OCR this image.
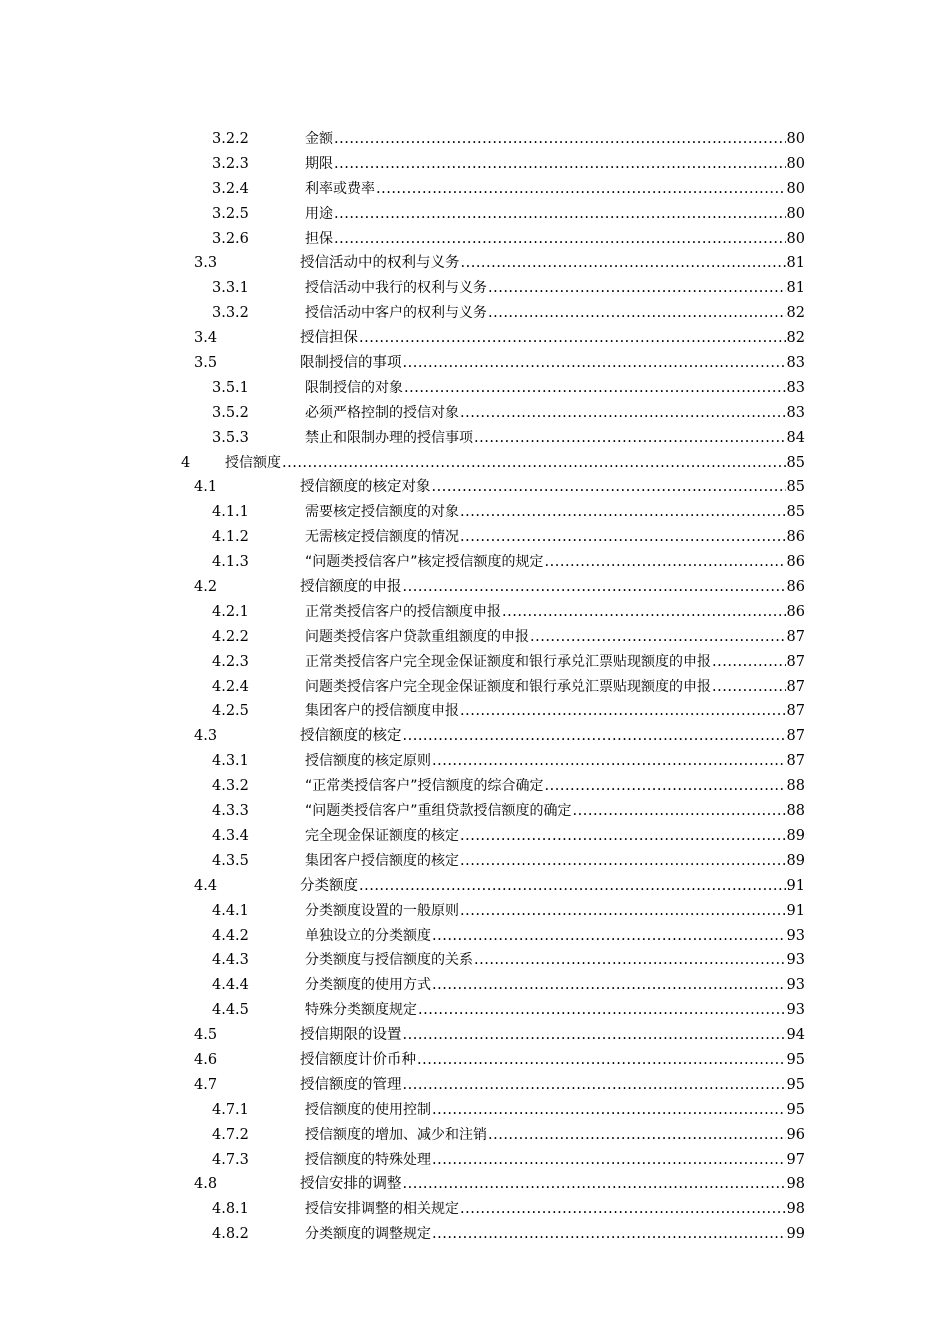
3.2.2	金额 .....	80
3.2.3	期限 .....	80
3.2.4	利率或费率 .....	80
3.2.5	用途 .....	80
3.2.6	担保 .....	80
3.3	授信活动中的权利与义务 .....	81
3.3.1	授信活动中我行的权利与义务 .....	81
3.3.2	授信活动中客户的权利与义务 .....	82
3.4	授信担保 .....	82
3.5	限制授信的事项 .....	83
3.5.1	限制授信的对象 .....	83
3.5.2	必须严格控制的授信对象 .....	83
3.5.3	禁止和限制办理的授信事项 .....	84
4 授信额度 .....	85
4.1	授信额度的核定对象 .....	85
4.1.1	需要核定授信额度的对象 .....	85
4.1.2	无需核定授信额度的情况 .....	86
4.1.3	“问题类授信客户”核定授信额度的规定 .....	86
4.2	授信额度的申报 .....	86
4.2.1	正常类授信客户的授信额度申报 .....	86
4.2.2	问题类授信客户贷款重组额度的申报 .....	87
4.2.3	正常类授信客户完全现金保证额度和银行承兑汇票贴现额度的申报 .....	87
4.2.4	问题类授信客户完全现金保证额度和银行承兑汇票贴现额度的申报 .....	87
4.2.5	集团客户的授信额度申报 .....	87
4.3	授信额度的核定 .....	87
4.3.1	授信额度的核定原则 .....	87
4.3.2	“正常类授信客户”授信额度的综合确定 .....	88
4.3.3	“问题类授信客户”重组贷款授信额度的确定 .....	88
4.3.4	完全现金保证额度的核定 .....	89
4.3.5	集团客户授信额度的核定 .....	89
4.4	分类额度 .....	91
4.4.1	分类额度设置的一般原则 .....	91
4.4.2	单独设立的分类额度 .....	93
4.4.3	分类额度与授信额度的关系 .....	93
4.4.4	分类额度的使用方式 .....	93
4.4.5	特殊分类额度规定 .....	93
4.5	授信期限的设置 .....	94
4.6	授信额度计价币种 .....	95
4.7	授信额度的管理 .....	95
4.7.1	授信额度的使用控制 .....	95
4.7.2	授信额度的增加、减少和注销 .....	96
4.7.3	授信额度的特殊处理 .....	97
4.8	授信安排的调整 .....	98
4.8.1	授信安排调整的相关规定 .....	98
4.8.2	分类额度的调整规定 .....	99
